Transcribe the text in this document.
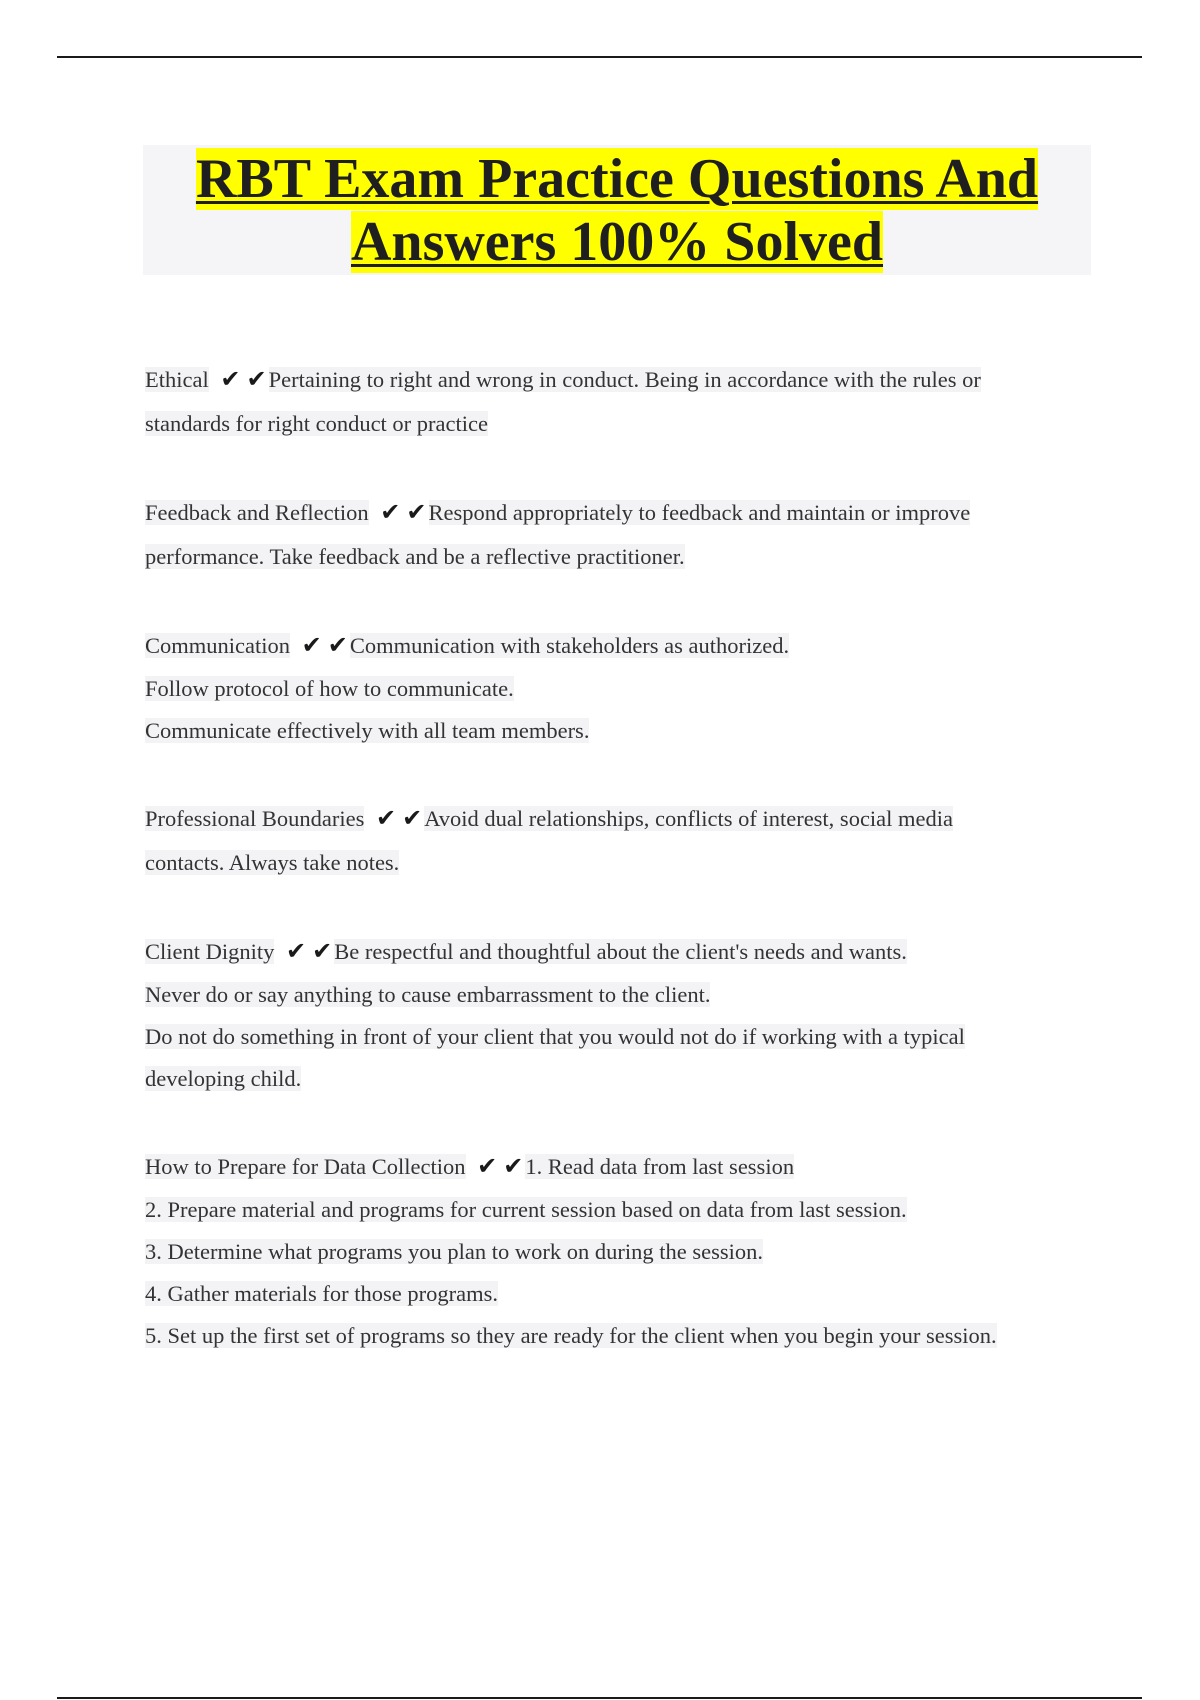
RBT Exam Practice Questions And
Answers 100% Solved
Ethical ✔ ✔Pertaining to right and wrong in conduct. Being in accordance with the rules or
standards for right conduct or practice
Feedback and Reflection ✔ ✔Respond appropriately to feedback and maintain or improve
performance. Take feedback and be a reflective practitioner.
Communication ✔ ✔Communication with stakeholders as authorized.
Follow protocol of how to communicate.
Communicate effectively with all team members.
Professional Boundaries ✔ ✔Avoid dual relationships, conflicts of interest, social media
contacts. Always take notes.
Client Dignity ✔ ✔Be respectful and thoughtful about the client's needs and wants.
Never do or say anything to cause embarrassment to the client.
Do not do something in front of your client that you would not do if working with a typical
developing child.
How to Prepare for Data Collection ✔ ✔1. Read data from last session
2. Prepare material and programs for current session based on data from last session.
3. Determine what programs you plan to work on during the session.
4. Gather materials for those programs.
5. Set up the first set of programs so they are ready for the client when you begin your session.
